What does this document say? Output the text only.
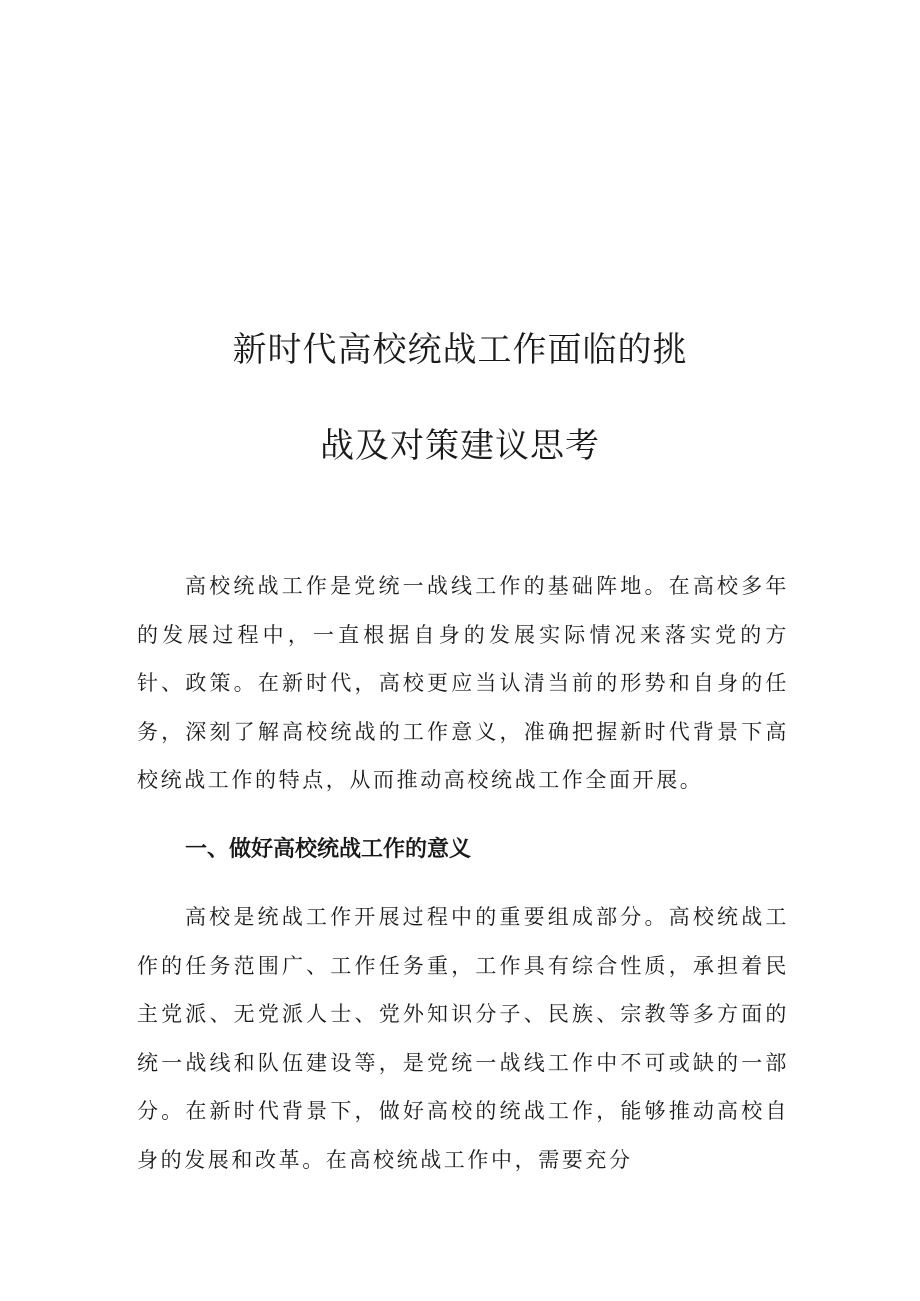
新时代高校统战工作面临的挑
战及对策建议思考

高校统战工作是党统一战线工作的基础阵地。在高校多年的发展过程中，一直根据自身的发展实际情况来落实党的方针、政策。在新时代，高校更应当认清当前的形势和自身的任务，深刻了解高校统战的工作意义，准确把握新时代背景下高校统战工作的特点，从而推动高校统战工作全面开展。

一、做好高校统战工作的意义

高校是统战工作开展过程中的重要组成部分。高校统战工作的任务范围广、工作任务重，工作具有综合性质，承担着民主党派、无党派人士、党外知识分子、民族、宗教等多方面的统一战线和队伍建设等，是党统一战线工作中不可或缺的一部分。在新时代背景下，做好高校的统战工作，能够推动高校自身的发展和改革。在高校统战工作中，需要充分
